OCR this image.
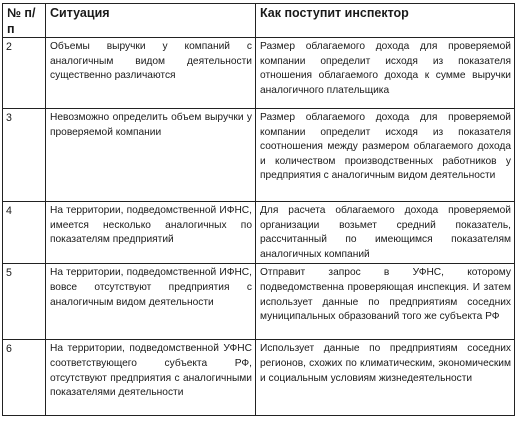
№ п/п	Ситуация	Как поступит инспектор
2	Объемы выручки у компаний с аналогичным видом деятельности существенно различаются	Размер облагаемого дохода для проверяемой компании определит исходя из показателя отношения облагаемого дохода к сумме выручки аналогичного плательщика
3	Невозможно определить объем выручки у проверяемой компании	Размер облагаемого дохода для проверяемой компании определит исходя из показателя соотношения между размером облагаемого дохода и количеством производственных работников у предприятия с аналогичным видом деятельности
4	На территории, подведомственной ИФНС, имеется несколько аналогичных по показателям предприятий	Для расчета облагаемого дохода проверяемой организации возьмет средний показатель, рассчитанный по имеющимся показателям аналогичных компаний
5	На территории, подведомственной ИФНС, вовсе отсутствуют предприятия с аналогичным видом деятельности	Отправит запрос в УФНС, которому подведомственна проверяющая инспекция. И затем использует данные по предприятиям соседних муниципальных образований того же субъекта РФ
6	На территории, подведомственной УФНС соответствующего субъекта РФ, отсутствуют предприятия с аналогичными показателями деятельности	Использует данные по предприятиям соседних регионов, схожих по климатическим, экономическим и социальным условиям жизнедеятельности
